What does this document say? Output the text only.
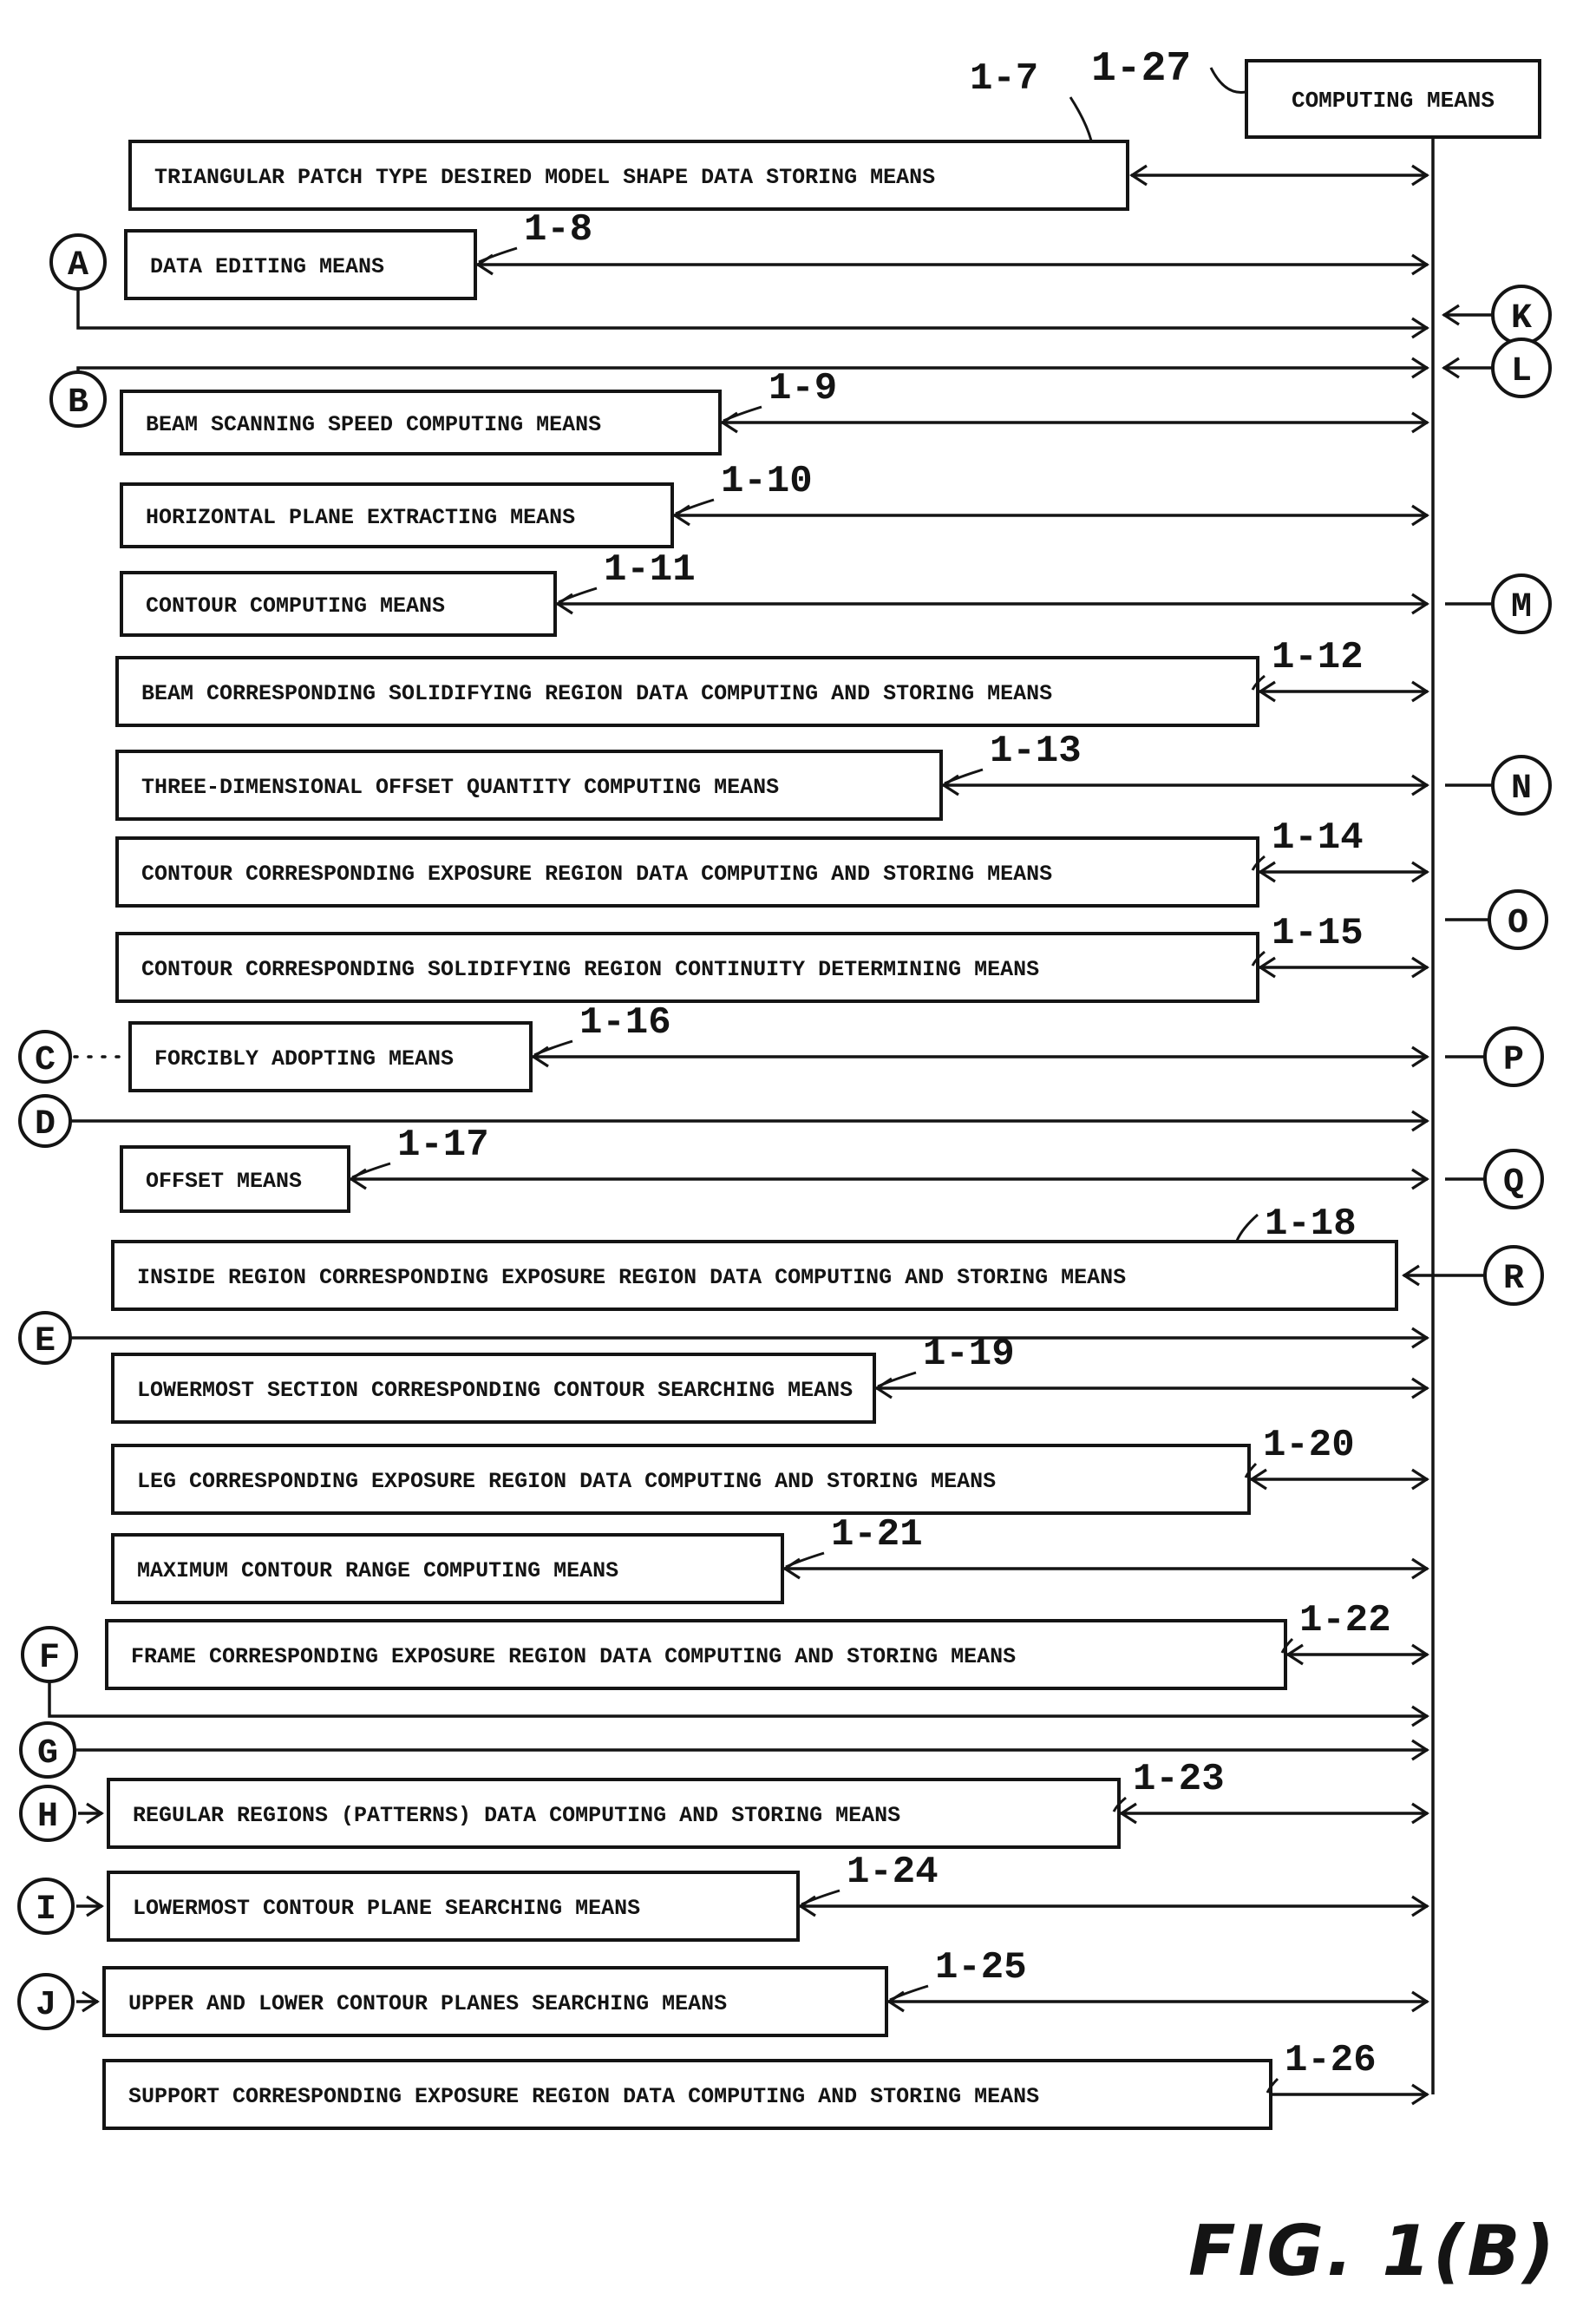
COMPUTING MEANS
1-27
TRIANGULAR PATCH TYPE DESIRED MODEL SHAPE DATA STORING MEANS
1-7
A	DATA EDITING MEANS
1-8
K
B
L
BEAM SCANNING SPEED COMPUTING MEANS
1-9
HORIZONTAL PLANE EXTRACTING MEANS
1-10
CONTOUR COMPUTING MEANS
1-11
M
BEAM CORRESPONDING SOLIDIFYING REGION DATA COMPUTING AND STORING MEANS
1-12
THREE-DIMENSIONAL OFFSET QUANTITY COMPUTING MEANS
1-13
N
CONTOUR CORRESPONDING EXPOSURE REGION DATA COMPUTING AND STORING MEANS
1-14
O
CONTOUR CORRESPONDING SOLIDIFYING REGION CONTINUITY DETERMINING MEANS
1-15
C	FORCIBLY ADOPTING MEANS
1-16
P
D
OFFSET MEANS
1-17
Q
INSIDE REGION CORRESPONDING EXPOSURE REGION DATA COMPUTING AND STORING MEANS
1-18
R
E
LOWERMOST SECTION CORRESPONDING CONTOUR SEARCHING MEANS
1-19
LEG CORRESPONDING EXPOSURE REGION DATA COMPUTING AND STORING MEANS
1-20
MAXIMUM CONTOUR RANGE COMPUTING MEANS
1-21
F	FRAME CORRESPONDING EXPOSURE REGION DATA COMPUTING AND STORING MEANS
1-22
G
H	REGULAR REGIONS (PATTERNS) DATA COMPUTING AND STORING MEANS
1-23
I	LOWERMOST CONTOUR PLANE SEARCHING MEANS
1-24
J	UPPER AND LOWER CONTOUR PLANES SEARCHING MEANS
1-25
SUPPORT CORRESPONDING EXPOSURE REGION DATA COMPUTING AND STORING MEANS
1-26
FIG. 1(B)
